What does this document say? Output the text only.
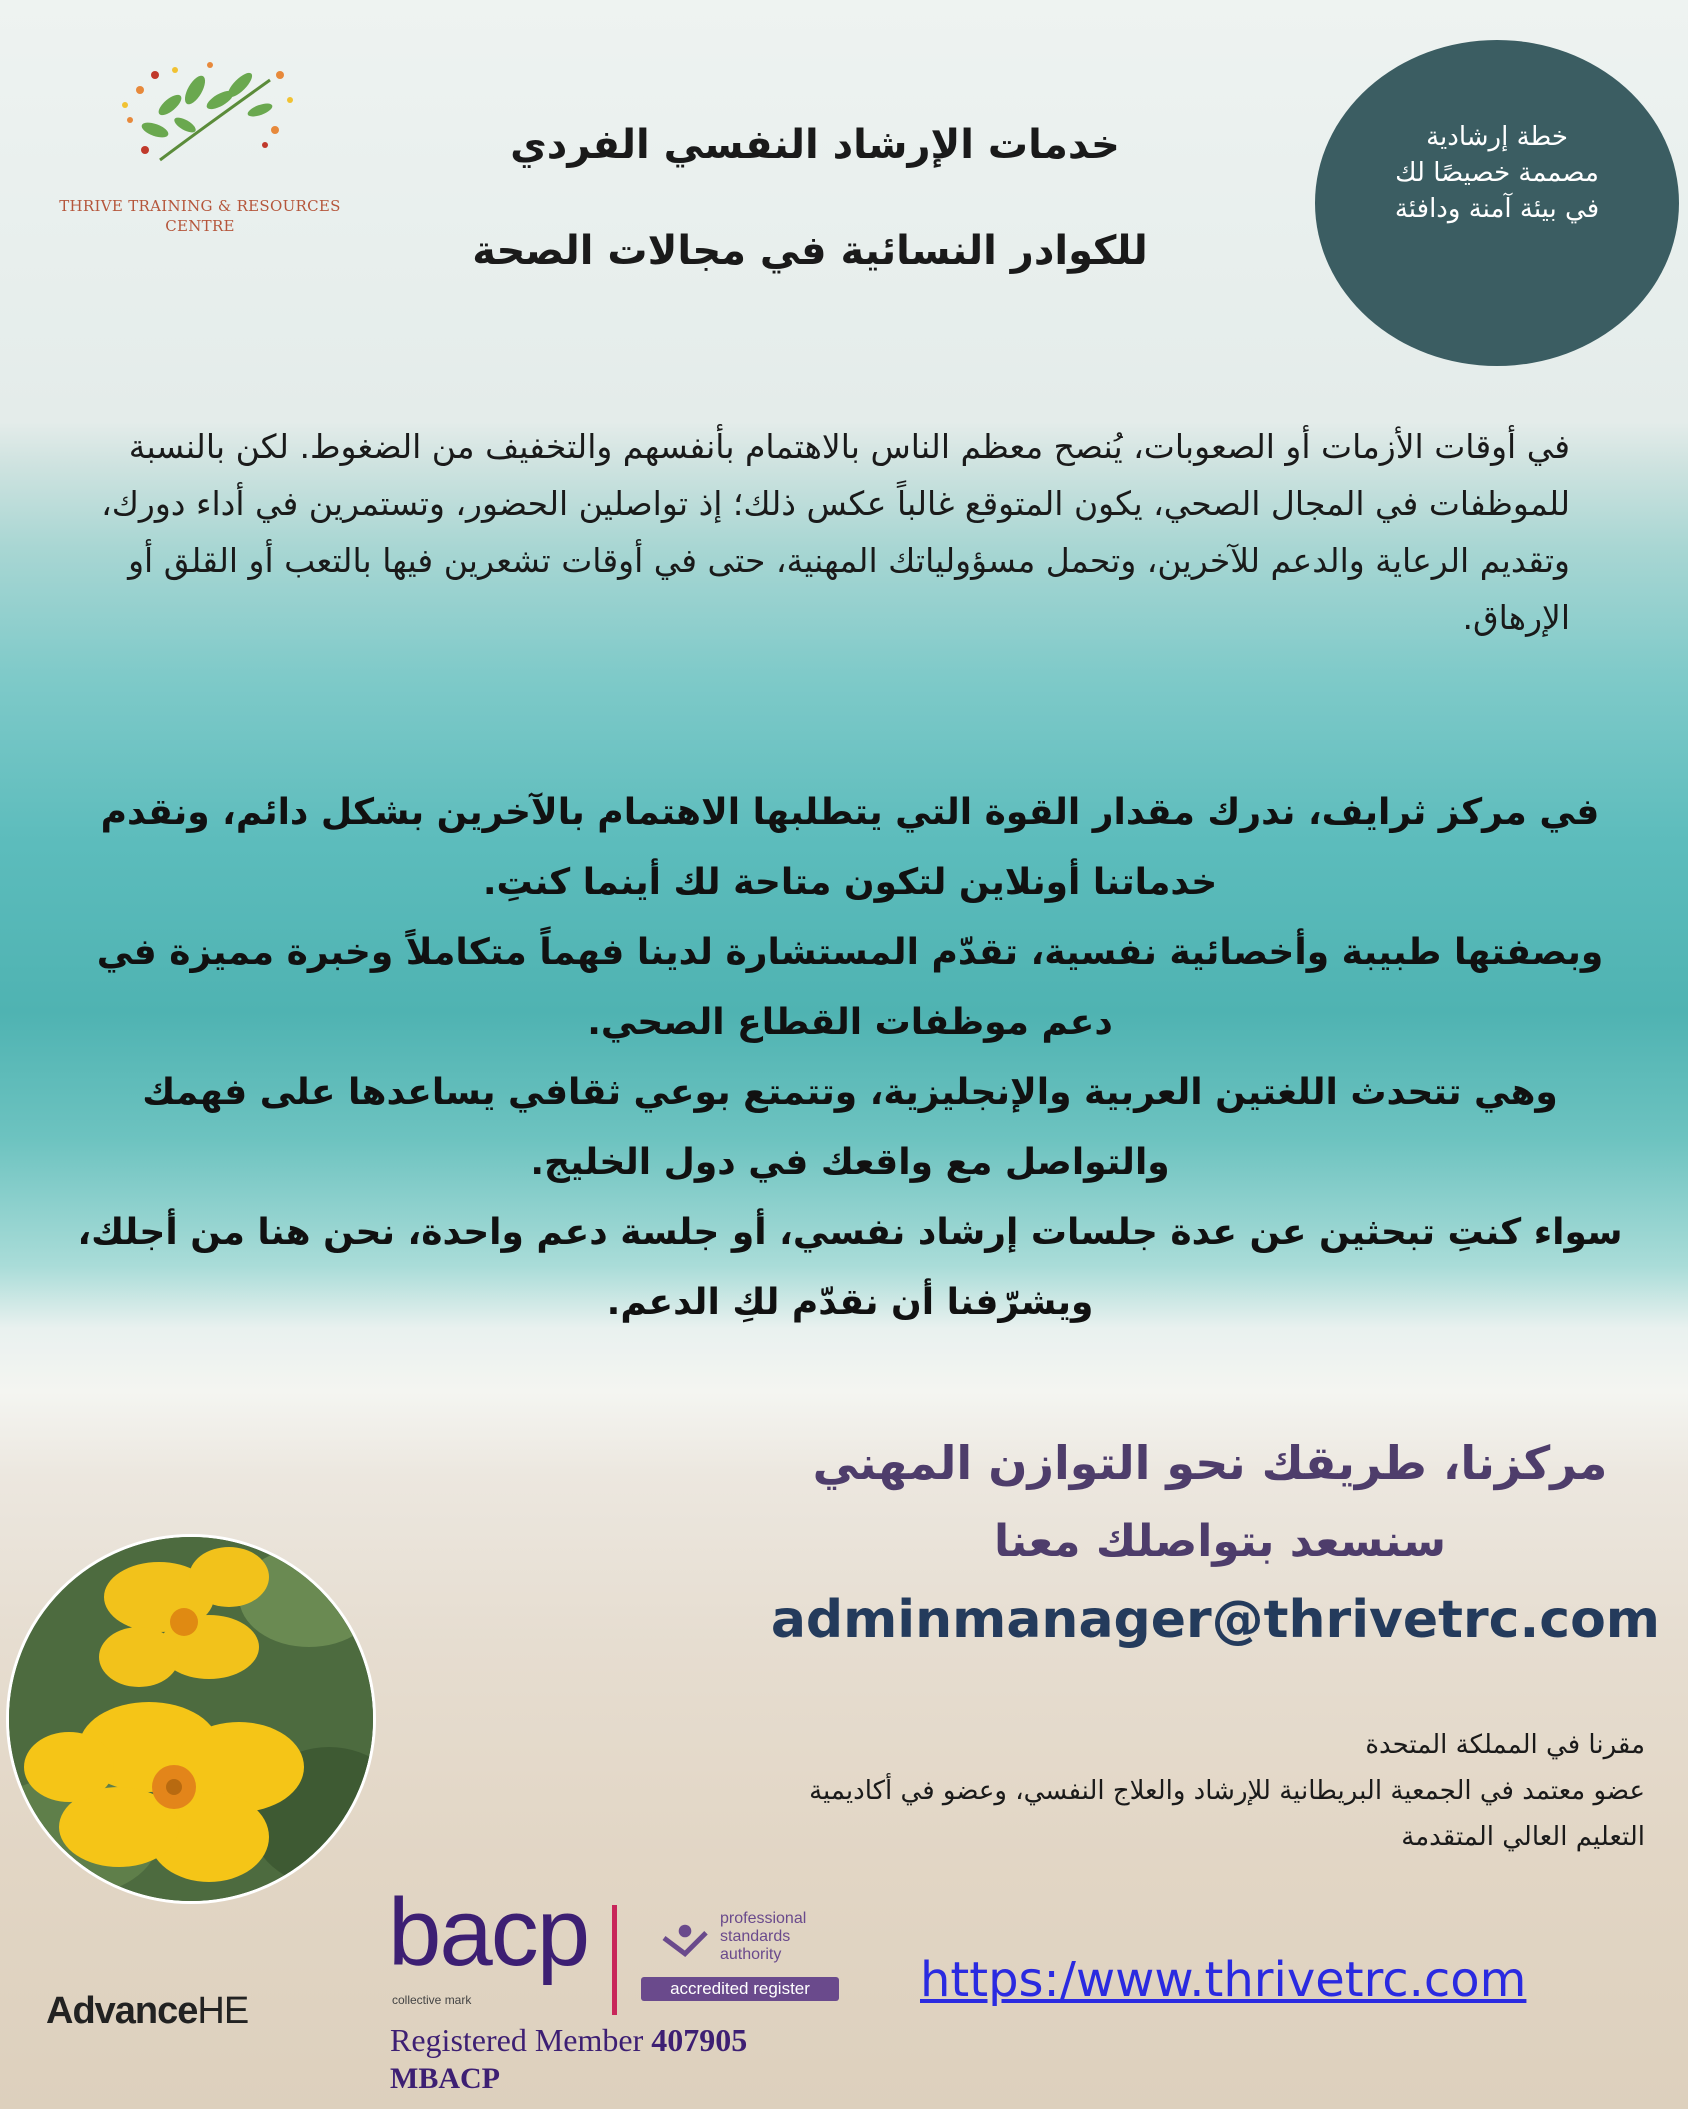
THRIVE TRAINING & RESOURCES CENTRE
خدمات الإرشاد النفسي الفردي
للكوادر النسائية في مجالات الصحة
خطة إرشادية مصممة خصيصًا لك في بيئة آمنة ودافئة
في أوقات الأزمات أو الصعوبات، يُنصح معظم الناس بالاهتمام بأنفسهم والتخفيف من الضغوط. لكن بالنسبة للموظفات في المجال الصحي، يكون المتوقع غالباً عكس ذلك؛ إذ تواصلين الحضور، وتستمرين في أداء دورك، وتقديم الرعاية والدعم للآخرين، وتحمل مسؤولياتك المهنية، حتى في أوقات تشعرين فيها بالتعب أو القلق أو الإرهاق.

في مركز ثرايف، ندرك مقدار القوة التي يتطلبها الاهتمام بالآخرين بشكل دائم، ونقدم خدماتنا أونلاين لتكون متاحة لك أينما كنتِ.

وبصفتها طبيبة وأخصائية نفسية، تقدّم المستشارة لدينا فهماً متكاملاً وخبرة مميزة في دعم موظفات القطاع الصحي.

وهي تتحدث اللغتين العربية والإنجليزية، وتتمتع بوعي ثقافي يساعدها على فهمك والتواصل مع واقعك في دول الخليج.

سواء كنتِ تبحثين عن عدة جلسات إرشاد نفسي، أو جلسة دعم واحدة، نحن هنا من أجلك، ويشرّفنا أن نقدّم لكِ الدعم.

مركزنا، طريقك نحو التوازن المهني
سنسعد بتواصلك معنا
adminmanager@thrivetrc.com
مقرنا في المملكة المتحدة
عضو معتمد في الجمعية البريطانية للإرشاد والعلاج النفسي، وعضو في أكاديمية
التعليم العالي المتقدمة
AdvanceHE
bacp
collective mark
professional
standards
authority
accredited register
Registered Member 407905
MBACP
https:/www.thrivetrc.com
